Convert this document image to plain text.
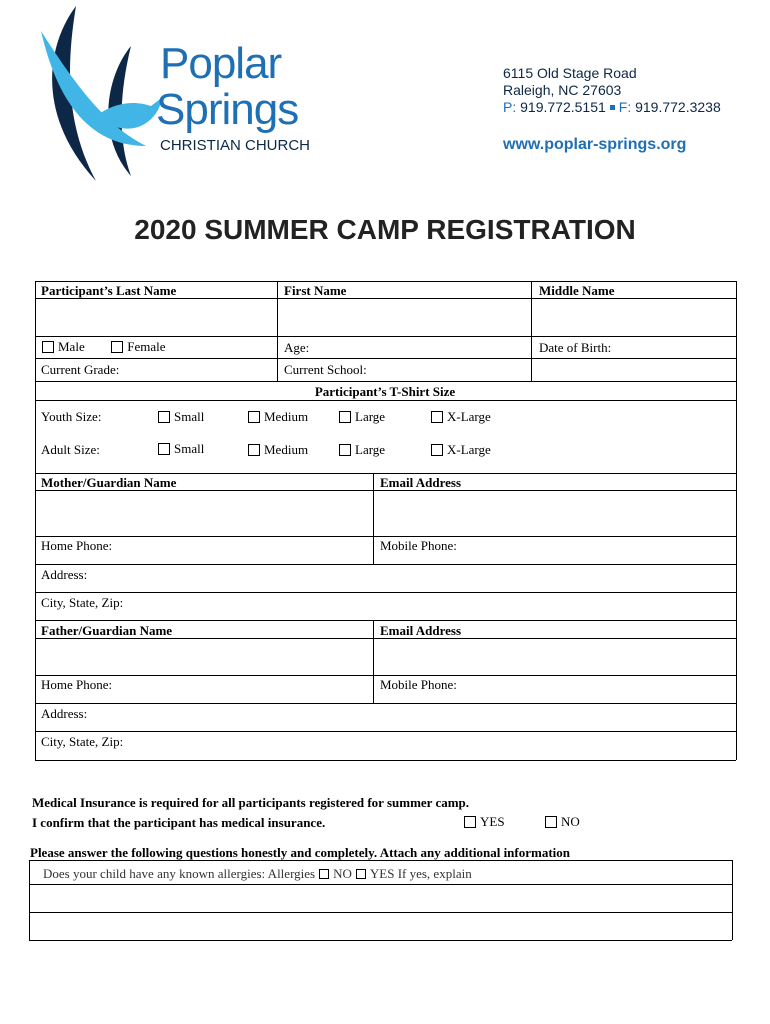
Poplar
Springs
CHRISTIAN CHURCH
6115 Old Stage Road
Raleigh, NC 27603
P: 919.772.5151 F: 919.772.3238
www.poplar-springs.org
2020 SUMMER CAMP REGISTRATION
Participant’s Last Name	First Name	Middle Name
Male	Female	Age:	Date of Birth:
Current Grade:	Current School:
Participant’s T-Shirt Size
Youth Size:	Small	Medium	Large	X-Large
Adult Size:	Small	Medium	Large	X-Large
Mother/Guardian Name	Email Address
Home Phone:	Mobile Phone:
Address:
City, State, Zip:
Father/Guardian Name	Email Address
Home Phone:	Mobile Phone:
Address:
City, State, Zip:
Medical Insurance is required for all participants registered for summer camp.
I confirm that the participant has medical insurance.	YES	NO
Please answer the following questions honestly and completely. Attach any additional information
Does your child have any known allergies: Allergies NO YES If yes, explain
